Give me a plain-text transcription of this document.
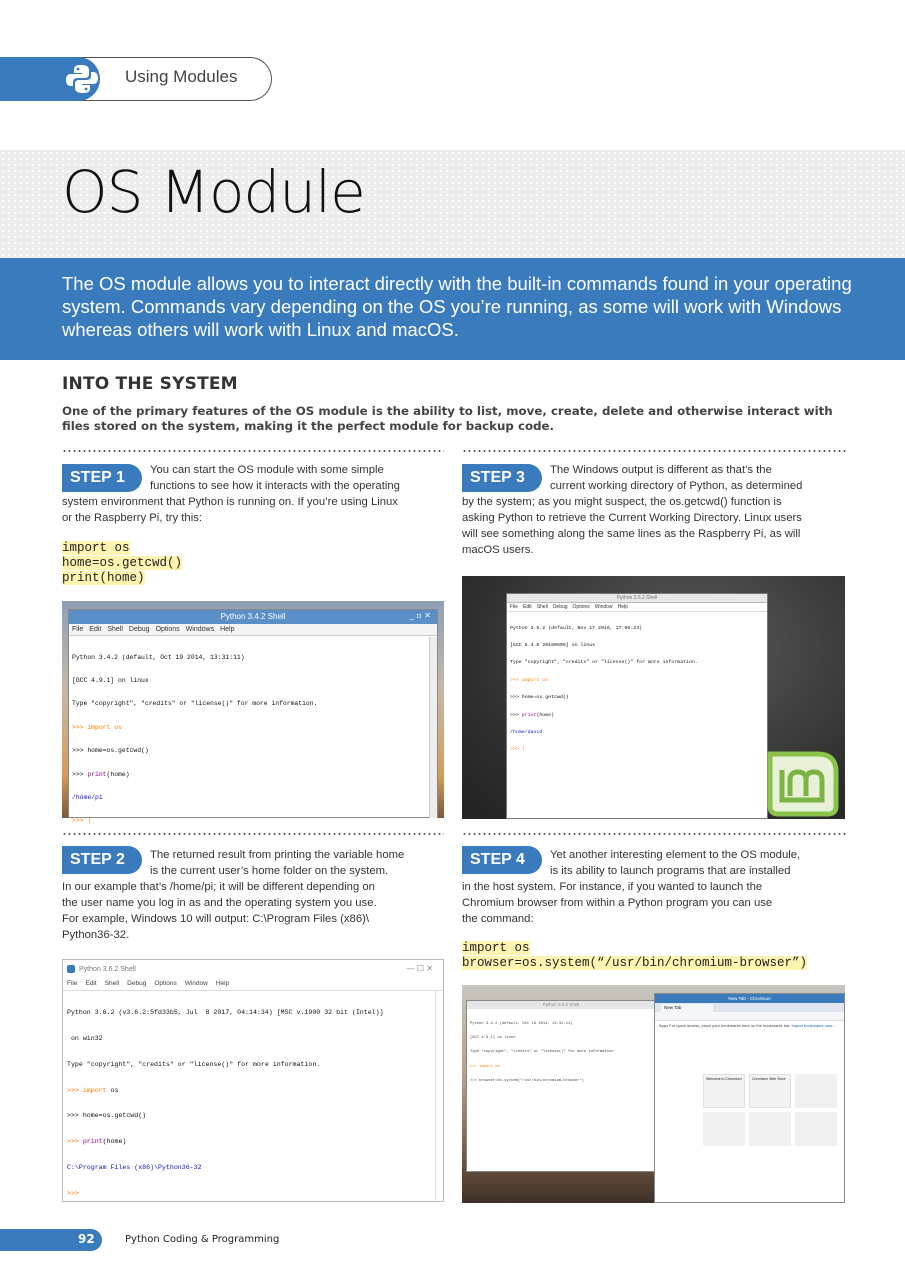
Using Modules
OS Module

The OS module allows you to interact directly with the built-in commands found in your operating system. Commands vary depending on the OS you’re running, as some will work with Windows whereas others will work with Linux and macOS.

INTO THE SYSTEM

One of the primary features of the OS module is the ability to list, move, create, delete and otherwise interact with files stored on the system, making it the perfect module for backup code.

STEP 1	You can start the OS module with some simple
functions to see how it interacts with the operating
system environment that Python is running on. If you’re using Linux
or the Raspberry Pi, try this:
import os
home=os.getcwd()
print(home)
Python 3.4.2 Shell	_ ▫ ✕
File Edit Shell Debug Options Windows Help

Python 3.4.2 (default, Oct 19 2014, 13:31:11)

[GCC 4.9.1] on linux

Type "copyright", "credits" or "license()" for more information.

>>> import os

>>> home=os.getcwd()

>>> print(home)

/home/pi

>>> |

STEP 3	The Windows output is different as that’s the
current working directory of Python, as determined
by the system; as you might suspect, the os.getcwd() function is
asking Python to retrieve the Current Working Directory. Linux users
will see something along the same lines as the Raspberry Pi, as will
macOS users.
Python 3.5.2 Shell
File Edit Shell Debug Options Window Help

Python 3.5.2 (default, Nov 17 2016, 17:05:23)

[GCC 5.4.0 20160609] on linux

Type "copyright", "credits" or "license()" for more information.

>>> import os

>>> home=os.getcwd()

>>> print(home)

/home/david

>>> |

STEP 2	The returned result from printing the variable home
is the current user’s home folder on the system.
In our example that’s /home/pi; it will be different depending on
the user name you log in as and the operating system you use.
For example, Windows 10 will output: C:\Program Files (x86)\
Python36-32.
Python 3.6.2 Shell	— ☐ ✕
File Edit Shell Debug Options Window Help

Python 3.6.2 (v3.6.2:5fd33b5, Jul  8 2017, 04:14:34) [MSC v.1900 32 bit (Intel)]

on win32

Type "copyright", "credits" or "license()" for more information.

>>> import os

>>> home=os.getcwd()

>>> print(home)

C:\Program Files (x86)\Python36-32

>>>

STEP 4	Yet another interesting element to the OS module,
is its ability to launch programs that are installed
in the host system. For instance, if you wanted to launch the
Chromium browser from within a Python program you can use
the command:
import os
browser=os.system(“/usr/bin/chromium-browser”)
Python 3.4.2 Shell

Python 3.4.2 (default, Oct 19 2014, 13:31:11)

[GCC 4.9.1] on linux

Type "copyright", "credits" or "license()" for more information.

>>> import os

>>> browser=os.system("/usr/bin/chromium-browser")

New Tab - Chromium
New Tab
Apps For quick access, place your bookmarks here on the bookmarks bar. Import bookmarks now...
Welcome to Chromium	Chromium Web Store
92	Python Coding & Programming
